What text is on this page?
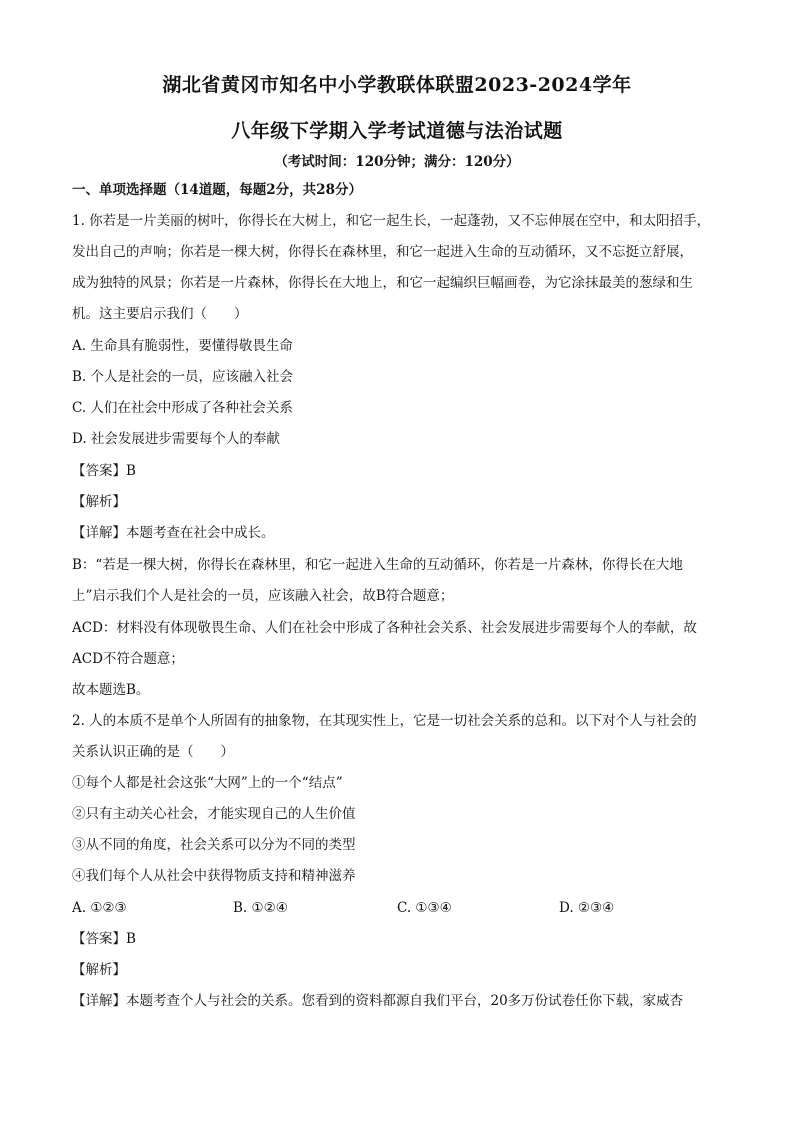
湖北省黄冈市知名中小学教联体联盟2023-2024学年
八年级下学期入学考试道德与法治试题
（考试时间：120分钟；满分：120分）
一、单项选择题（14道题，每题2分，共28分）
1. 你若是一片美丽的树叶，你得长在大树上，和它一起生长，一起蓬勃，又不忘伸展在空中，和太阳招手，
发出自己的声响；你若是一棵大树，你得长在森林里，和它一起进入生命的互动循环，又不忘挺立舒展，
成为独特的风景；你若是一片森林，你得长在大地上，和它一起编织巨幅画卷，为它涂抹最美的葱绿和生
机。这主要启示我们（　　）
A. 生命具有脆弱性，要懂得敬畏生命
B. 个人是社会的一员，应该融入社会
C. 人们在社会中形成了各种社会关系
D. 社会发展进步需要每个人的奉献
【答案】B
【解析】
【详解】本题考查在社会中成长。
B：“若是一棵大树，你得长在森林里，和它一起进入生命的互动循环，你若是一片森林，你得长在大地
上”启示我们个人是社会的一员，应该融入社会，故B符合题意；
ACD：材料没有体现敬畏生命、人们在社会中形成了各种社会关系、社会发展进步需要每个人的奉献，故
ACD不符合题意；
故本题选B。
2. 人的本质不是单个人所固有的抽象物，在其现实性上，它是一切社会关系的总和。以下对个人与社会的
关系认识正确的是（　　）
①每个人都是社会这张“大网”上的一个“结点”
②只有主动关心社会，才能实现自己的人生价值
③从不同的角度，社会关系可以分为不同的类型
④我们每个人从社会中获得物质支持和精神滋养
A. ①②③	B. ①②④	C. ①③④	D. ②③④
【答案】B
【解析】
【详解】本题考查个人与社会的关系。您看到的资料都源自我们平台，20多万份试卷任你下载，家威杏
